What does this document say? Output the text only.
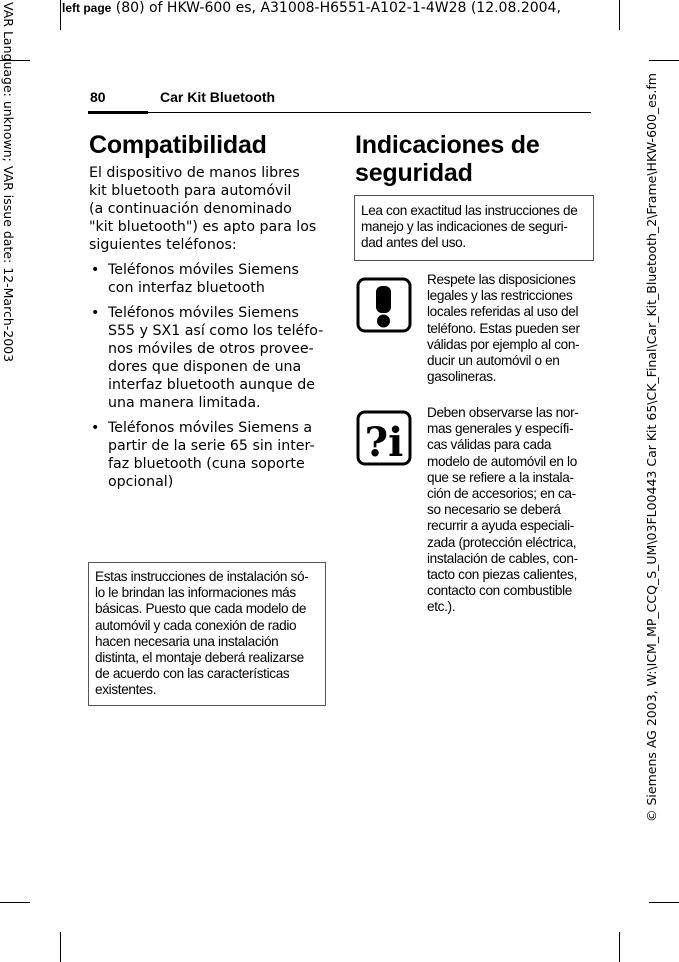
left page (80) of HKW-600 es, A31008-H6551-A102-1-4W28 (12.08.2004,
VAR Language: unknown; VAR issue date: 12-March-2003	© Siemens AG 2003, W:\ICM_MP_CCQ_S_UM\03FL00443 Car Kit 65\CK_Final\Car_Kit_Bluetooth_2\Frame\HKW-600_es.fm
80	Car Kit Bluetooth
Compatibilidad
El dispositivo de manos libres
kit bluetooth para automóvil
(a continuación denominado
"kit bluetooth") es apto para los
siguientes teléfonos:
• Teléfonos móviles Siemens
con interfaz bluetooth
• Teléfonos móviles Siemens
S55 y SX1 así como los teléfo-
nos móviles de otros provee-
dores que disponen de una
interfaz bluetooth aunque de
una manera limitada.
• Teléfonos móviles Siemens a
partir de la serie 65 sin inter-
faz bluetooth (cuna soporte
opcional)
Estas instrucciones de instalación só-
lo le brindan las informaciones más
básicas. Puesto que cada modelo de
automóvil y cada conexión de radio
hacen necesaria una instalación
distinta, el montaje deberá realizarse
de acuerdo con las características
existentes.
Indicaciones de
seguridad
Lea con exactitud las instrucciones de
manejo y las indicaciones de seguri-
dad antes del uso.
Respete las disposiciones
legales y las restricciones
locales referidas al uso del
teléfono. Estas pueden ser
válidas por ejemplo al con-
ducir un automóvil o en
gasolineras.
?i
Deben observarse las nor-
mas generales y específi-
cas válidas para cada
modelo de automóvil en lo
que se refiere a la instala-
ción de accesorios; en ca-
so necesario se deberá
recurrir a ayuda especiali-
zada (protección eléctrica,
instalación de cables, con-
tacto con piezas calientes,
contacto con combustible
etc.).
